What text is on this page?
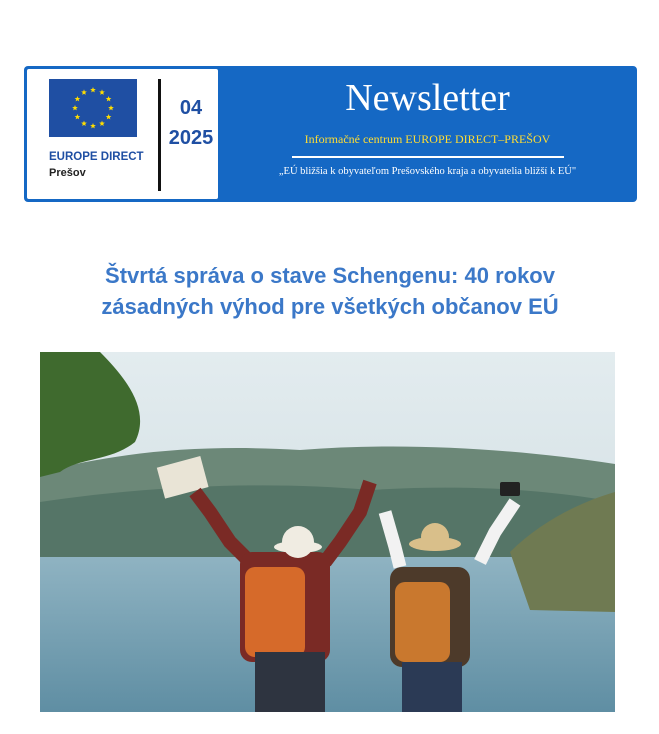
EUROPE DIRECT
Prešov
04
2025
Newsletter
Informačné centrum EUROPE DIRECT–PREŠOV
„EÚ bližšia k obyvateľom Prešovského kraja a obyvatelia bližší k EÚ"
Štvrtá správa o stave Schengenu: 40 rokov
zásadných výhod pre všetkých občanov EÚ
